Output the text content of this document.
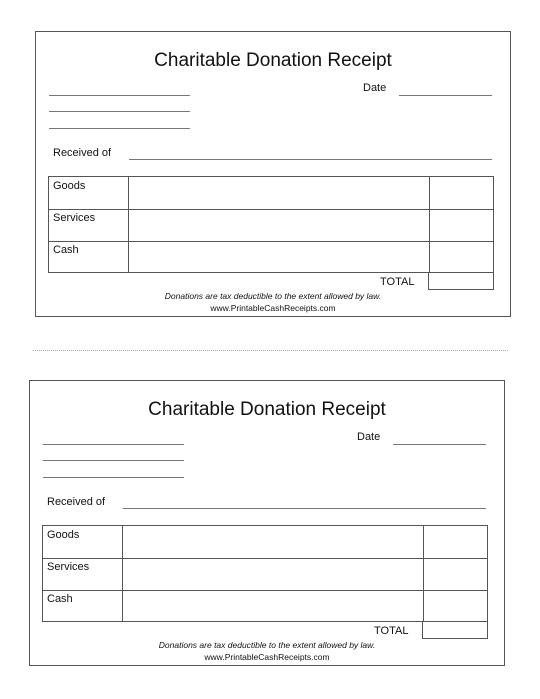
Charitable Donation Receipt
Date
Received of
Goods
Services
Cash
TOTAL
Donations are tax deductible to the extent allowed by law.
www.PrintableCashReceipts.com
Charitable Donation Receipt
Date
Received of
Goods
Services
Cash
TOTAL
Donations are tax deductible to the extent allowed by law.
www.PrintableCashReceipts.com
